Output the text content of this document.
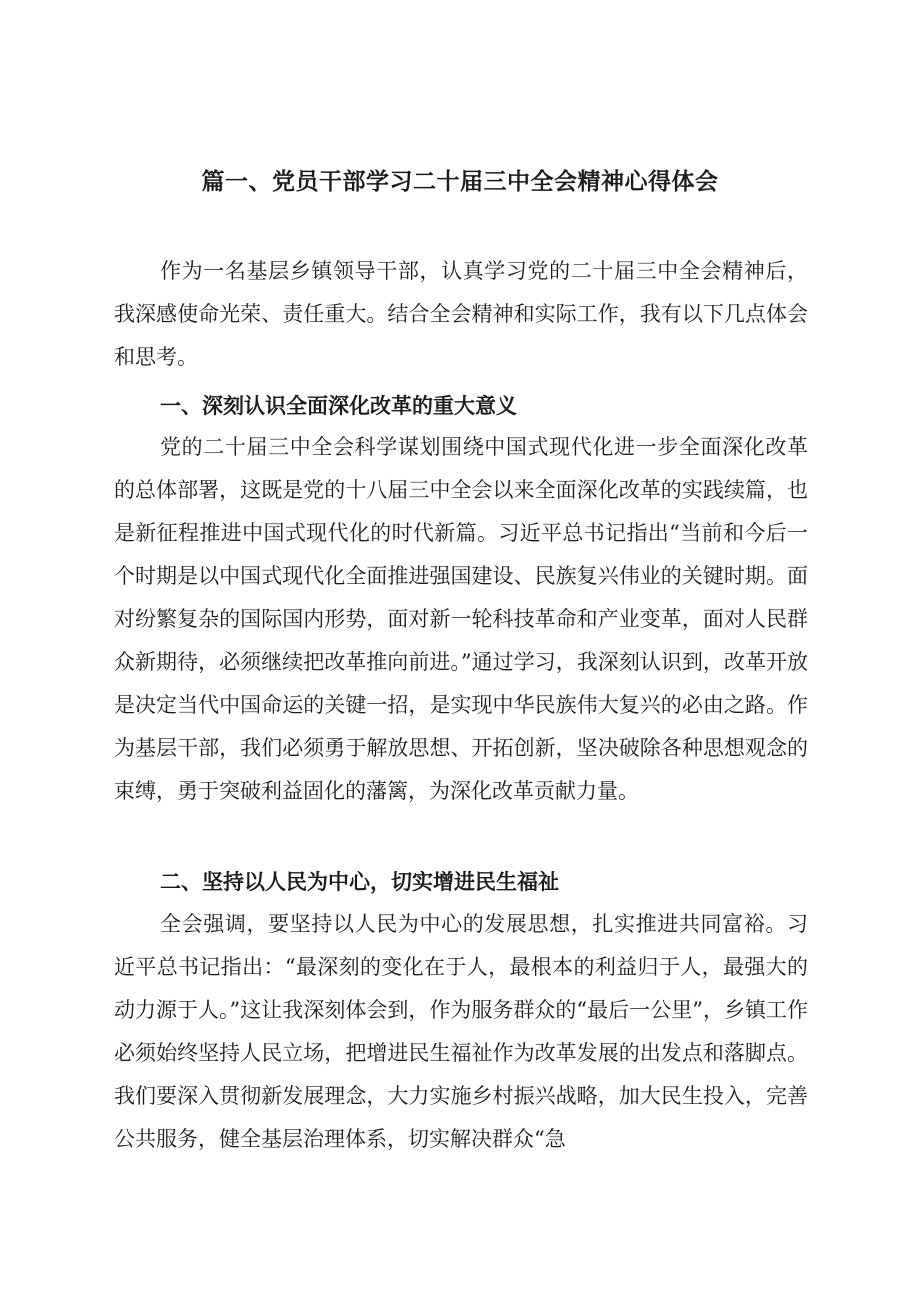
篇一、党员干部学习二十届三中全会精神心得体会

作为一名基层乡镇领导干部，认真学习党的二十届三中全会精神后，我深感使命光荣、责任重大。结合全会精神和实际工作，我有以下几点体会和思考。

一、深刻认识全面深化改革的重大意义

党的二十届三中全会科学谋划围绕中国式现代化进一步全面深化改革的总体部署，这既是党的十八届三中全会以来全面深化改革的实践续篇，也是新征程推进中国式现代化的时代新篇。习近平总书记指出“当前和今后一个时期是以中国式现代化全面推进强国建设、民族复兴伟业的关键时期。面对纷繁复杂的国际国内形势，面对新一轮科技革命和产业变革，面对人民群众新期待，必须继续把改革推向前进。”通过学习，我深刻认识到，改革开放是决定当代中国命运的关键一招，是实现中华民族伟大复兴的必由之路。作为基层干部，我们必须勇于解放思想、开拓创新，坚决破除各种思想观念的束缚，勇于突破利益固化的藩篱，为深化改革贡献力量。

二、坚持以人民为中心，切实增进民生福祉

全会强调，要坚持以人民为中心的发展思想，扎实推进共同富裕。习近平总书记指出：“最深刻的变化在于人，最根本的利益归于人，最强大的动力源于人。”这让我深刻体会到，作为服务群众的“最后一公里”，乡镇工作必须始终坚持人民立场，把增进民生福祉作为改革发展的出发点和落脚点。我们要深入贯彻新发展理念，大力实施乡村振兴战略，加大民生投入，完善公共服务，健全基层治理体系，切实解决群众“急
